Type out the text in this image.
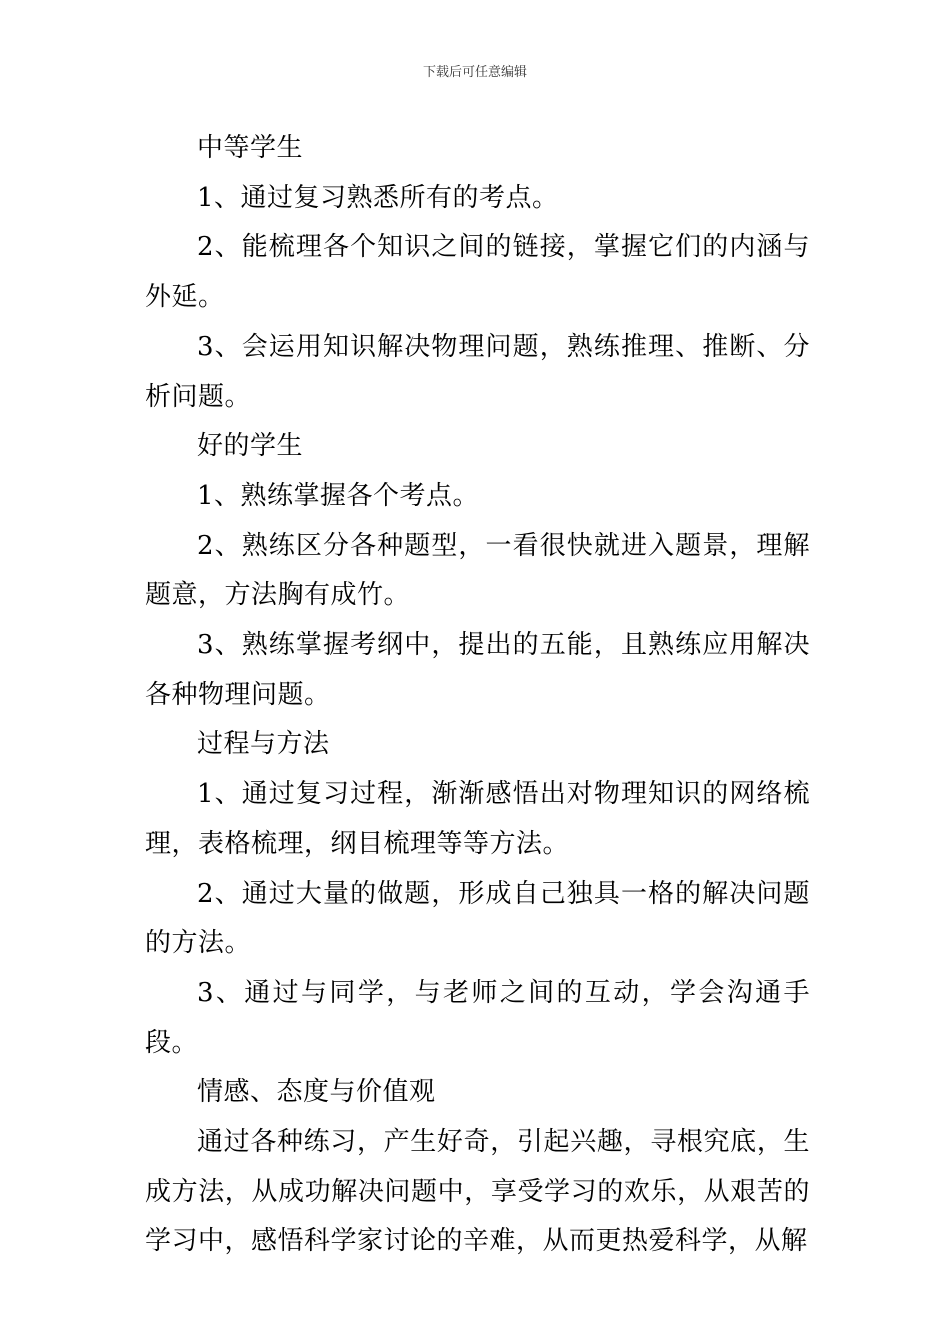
下载后可任意编辑

中等学生

1、通过复习熟悉所有的考点。

2、能梳理各个知识之间的链接，掌握它们的内涵与外延。

3、会运用知识解决物理问题，熟练推理、推断、分析问题。

好的学生

1、熟练掌握各个考点。

2、熟练区分各种题型，一看很快就进入题景，理解题意，方法胸有成竹。

3、熟练掌握考纲中，提出的五能，且熟练应用解决各种物理问题。

过程与方法

1、通过复习过程，渐渐感悟出对物理知识的网络梳理，表格梳理，纲目梳理等等方法。

2、通过大量的做题，形成自己独具一格的解决问题的方法。

3、通过与同学，与老师之间的互动，学会沟通手段。

情感、态度与价值观

通过各种练习，产生好奇，引起兴趣，寻根究底，生成方法，从成功解决问题中，享受学习的欢乐，从艰苦的学习中，感悟科学家讨论的辛难，从而更热爱科学，从解
